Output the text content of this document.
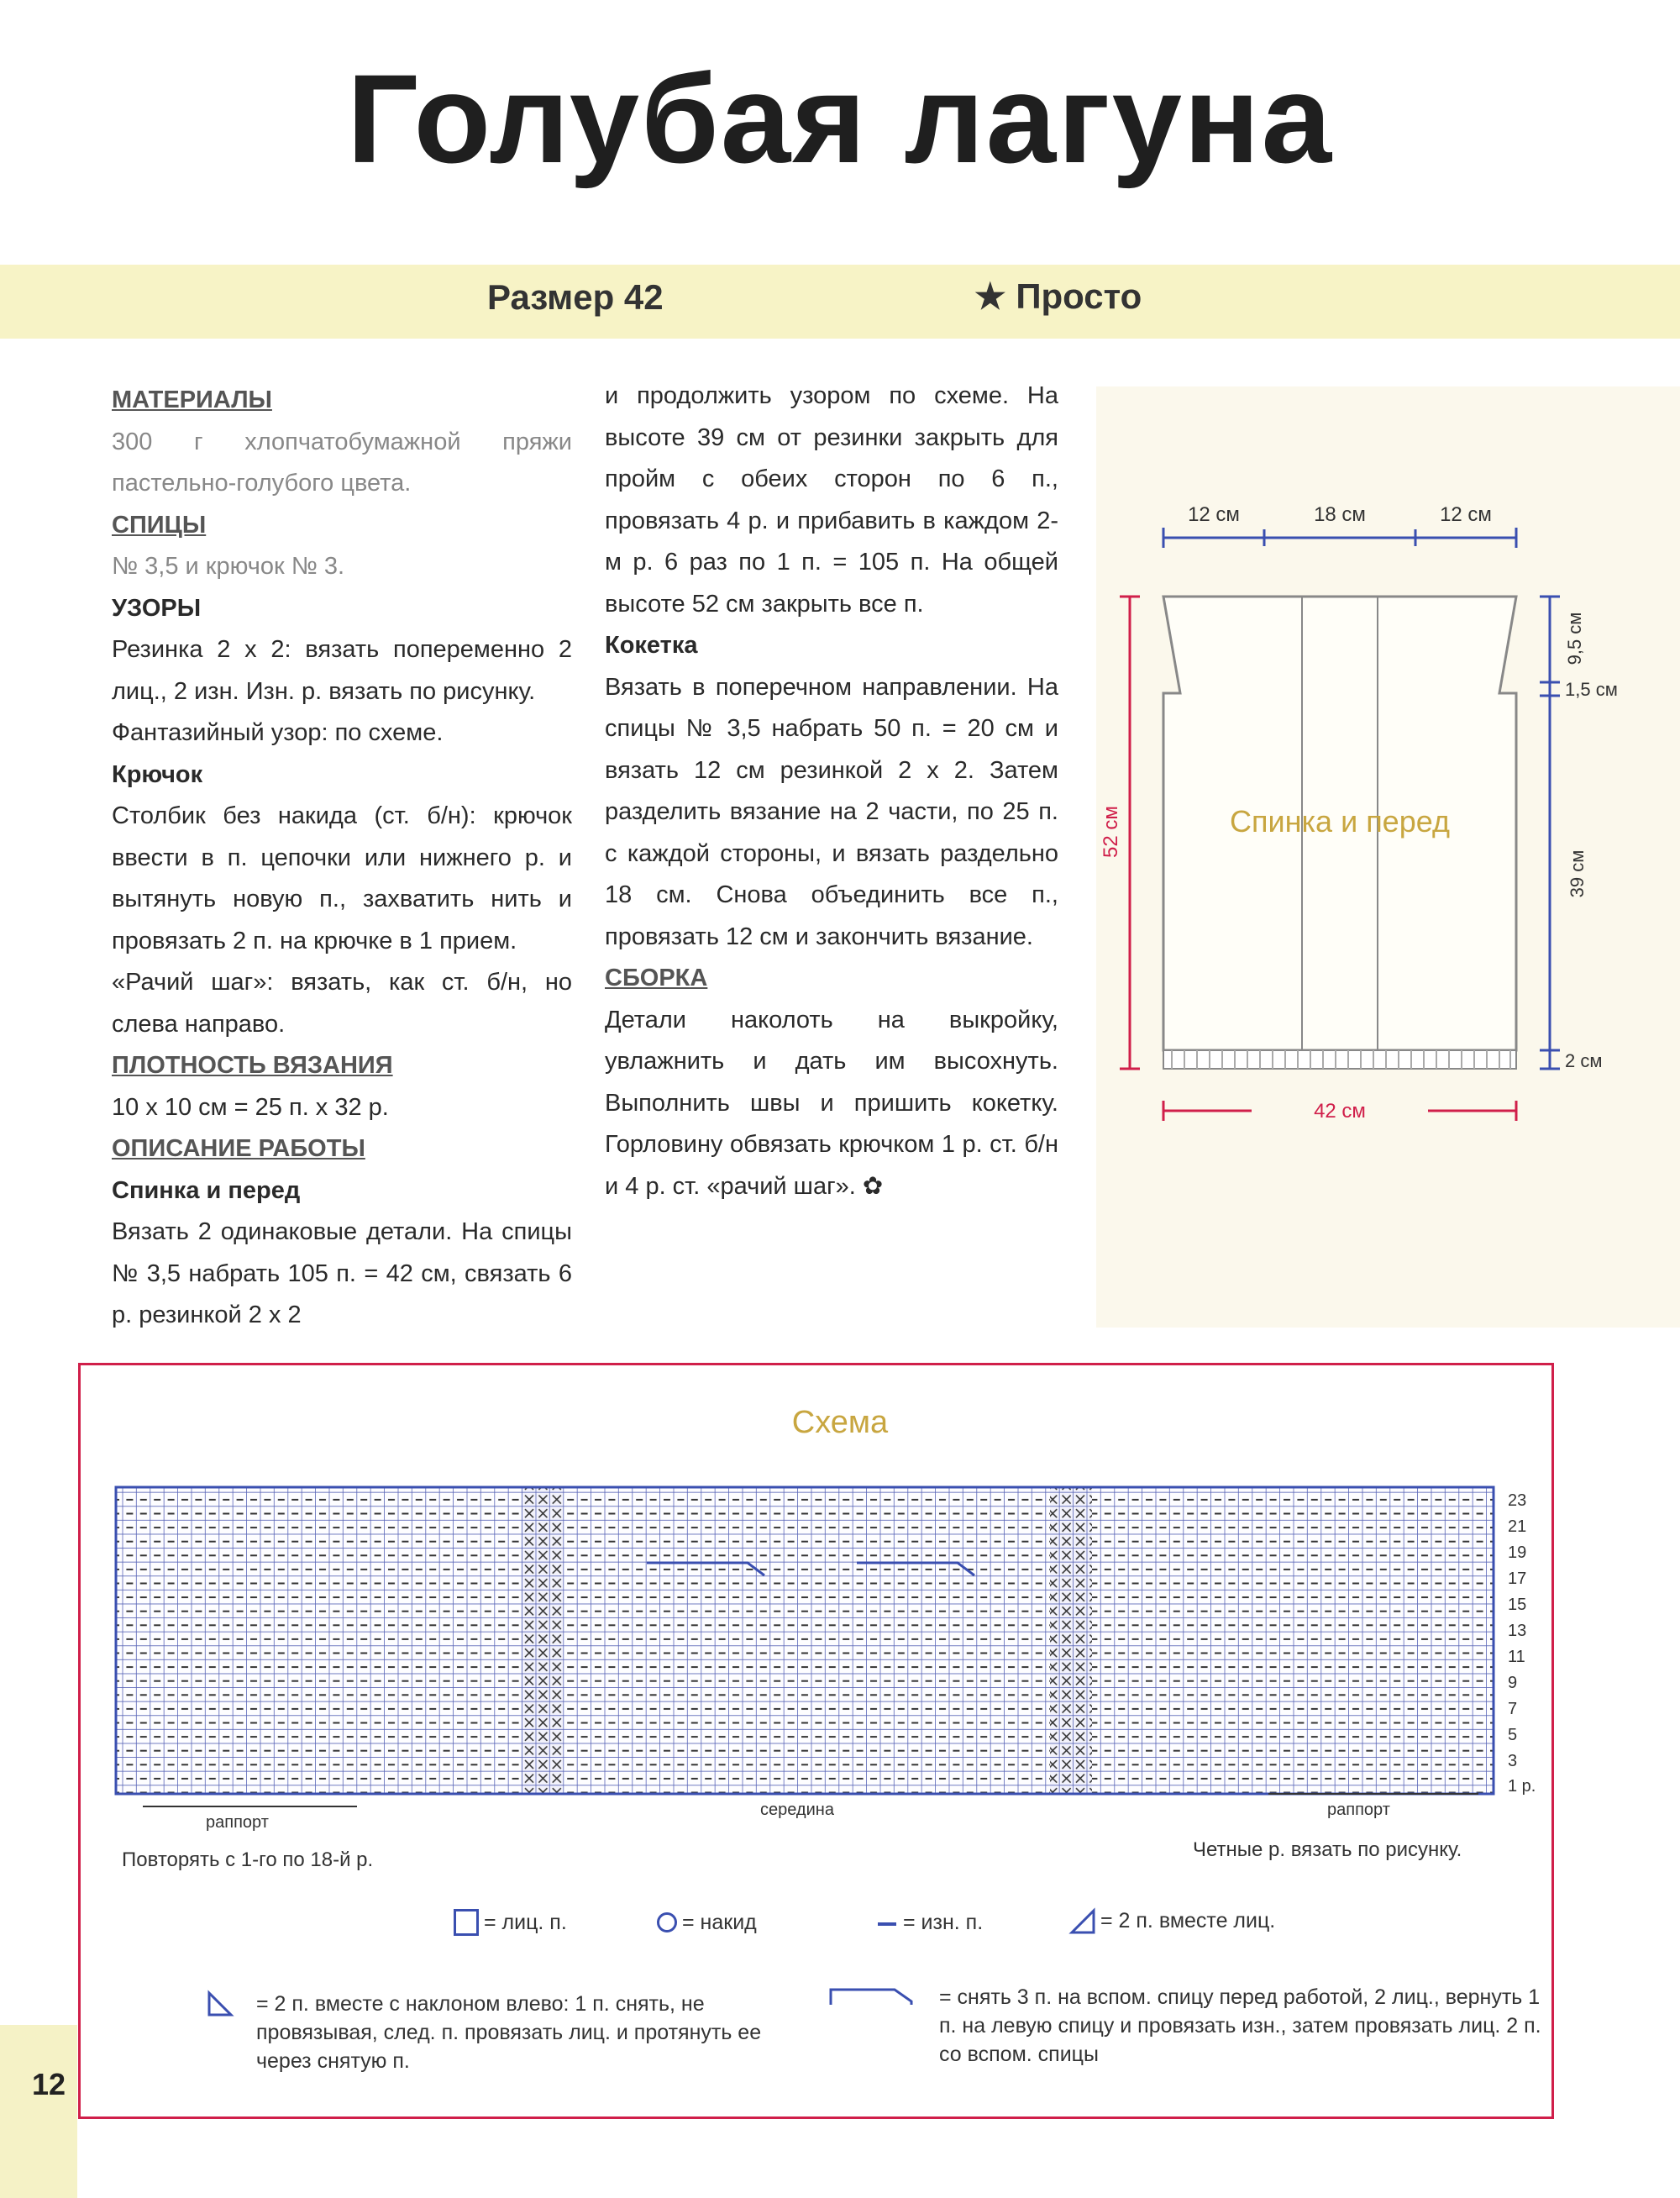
Голубая лагуна
Размер 42	★ Просто

МАТЕРИАЛЫ

300 г хлопчатобумажной пряжи пастельно-голубого цвета.

СПИЦЫ

№ 3,5 и крючок № 3.

УЗОРЫ

Резинка 2 x 2: вязать попеременно 2 лиц., 2 изн. Изн. р. вязать по рисунку.

Фантазийный узор: по схеме.

Крючок

Столбик без накида (ст. б/н): крючок ввести в п. цепочки или нижнего р. и вытянуть новую п., захватить нить и провязать 2 п. на крючке в 1 прием.

«Рачий шаг»: вязать, как ст. б/н, но слева направо.

ПЛОТНОСТЬ ВЯЗАНИЯ

10 х 10 см = 25 п. х 32 р.

ОПИСАНИЕ РАБОТЫ

Спинка и перед

Вязать 2 одинаковые детали. На спицы № 3,5 набрать 105 п. = 42 см, связать 6 р. резинкой 2 х 2

и продолжить узором по схеме. На высоте 39 см от резинки закрыть для пройм с обеих сторон по 6 п., провязать 4 р. и прибавить в каждом 2-м р. 6 раз по 1 п. = 105 п. На общей высоте 52 см закрыть все п.

Кокетка

Вязать в поперечном направлении. На спицы № 3,5 набрать 50 п. = 20 см и вязать 12 см резинкой 2 х 2. Затем разделить вязание на 2 части, по 25 п. с каждой стороны, и вязать раздельно 18 см. Снова объединить все п., провязать 12 см и закончить вязание.

СБОРКА

Детали наколоть на выкройку, увлажнить и дать им высохнуть. Выполнить швы и пришить кокетку. Горловину обвязать крючком 1 р. ст. б/н и 4 р. ст. «рачий шаг». ✿

12 см	18 см	12 см
Спинка и перед
52 см
9,5 см
1,5 см
39 см
2 см
42 см
Схема
23
21
19
17
15
13
11
9
7
5
3
1 р.
раппорт
середина	раппорт
Повторять с 1-го по 18-й р.	Четные р. вязать по рисунку.
= лиц. п.	= накид	= изн. п.	= 2 п. вместе лиц.
= 2 п. вместе с наклоном влево: 1 п. снять, не провязывая, след. п. провязать лиц. и протянуть ее через снятую п.
= снять 3 п. на вспом. спицу перед работой, 2 лиц., вернуть 1 п. на левую спицу и провязать изн., затем провязать лиц. 2 п. со вспом. спицы
12
